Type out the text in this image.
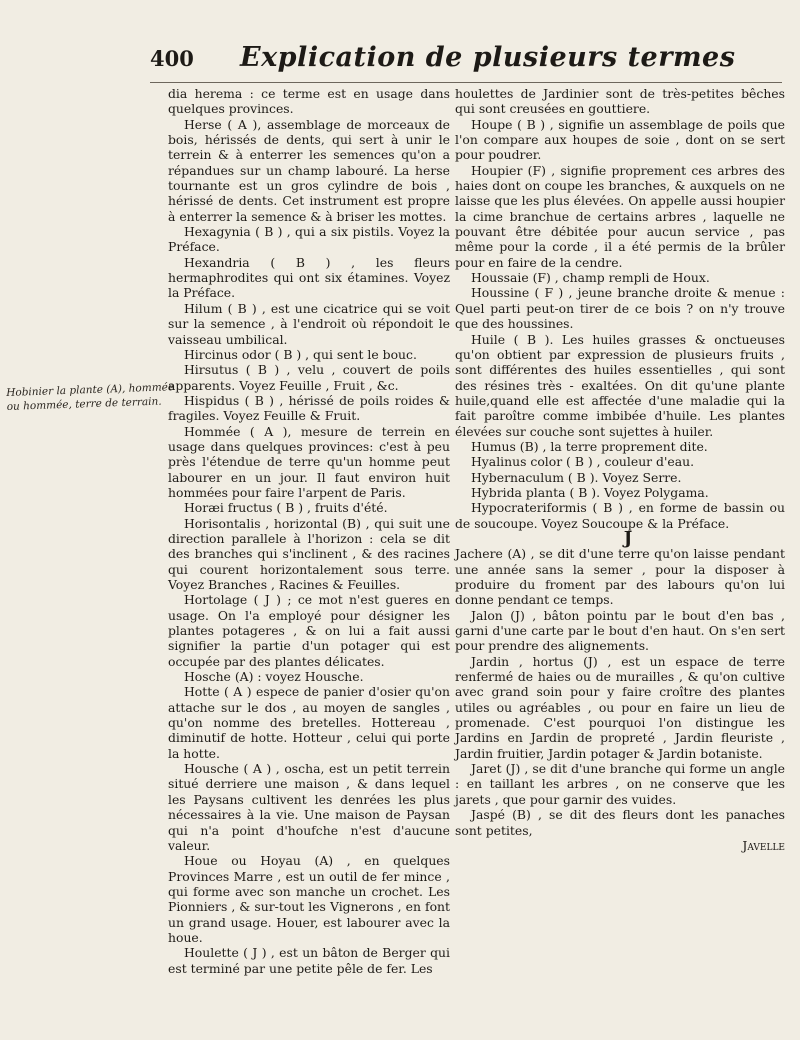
400 Explication de plusieurs termes
Hobinier la plante (A), hommée ou hommée, terre de terrain.

dia herema : ce terme est en usage dans quelques provinces.

Herse ( A ), assemblage de morceaux de bois, hérissés de dents, qui sert à unir le terrein & à enterrer les semences qu'on a répandues sur un champ labouré. La herse tournante est un gros cylindre de bois , hérissé de dents. Cet instrument est propre à enterrer la semence & à briser les mottes.

Hexagynia ( B ) , qui a six pistils. Voyez la Préface.

Hexandria ( B ) , les fleurs hermaphrodites qui ont six étamines. Voyez la Préface.

Hilum ( B ) , est une cicatrice qui se voit sur la semence , à l'endroit où répondoit le vaisseau umbilical.

Hircinus odor ( B ) , qui sent le bouc.

Hirsutus ( B ) , velu , couvert de poils apparents. Voyez Feuille , Fruit , &c.

Hispidus ( B ) , hérissé de poils roides & fragiles. Voyez Feuille & Fruit.

Hommée ( A ), mesure de terrein en usage dans quelques provinces: c'est à peu près l'étendue de terre qu'un homme peut labourer en un jour. Il faut environ huit hommées pour faire l'arpent de Paris.

Horæi fructus ( B ) , fruits d'été.

Horisontalis , horizontal (B) , qui suit une direction parallele à l'horizon : cela se dit des branches qui s'inclinent , & des racines qui courent horizontalement sous terre. Voyez Branches , Racines & Feuilles.

Hortolage ( J ) ; ce mot n'est gueres en usage. On l'a employé pour désigner les plantes potageres , & on lui a fait aussi signifier la partie d'un potager qui est occupée par des plantes délicates.

Hosche (A) : voyez Housche.

Hotte ( A ) espece de panier d'osier qu'on attache sur le dos , au moyen de sangles , qu'on nomme des bretelles. Hottereau , diminutif de hotte. Hotteur , celui qui porte la hotte.

Housche ( A ) , oscha, est un petit terrein situé derriere une maison , & dans lequel les Paysans cultivent les denrées les plus nécessaires à la vie. Une maison de Paysan qui n'a point d'houfche n'est d'aucune valeur.

Houe ou Hoyau (A) , en quelques Provinces Marre , est un outil de fer mince , qui forme avec son manche un crochet. Les Pionniers , & sur-tout les Vignerons , en font un grand usage. Houer, est labourer avec la houe.

Houlette ( J ) , est un bâton de Berger qui est terminé par une petite pêle de fer. Les

houlettes de Jardinier sont de très-petites bêches qui sont creusées en gouttiere.

Houpe ( B ) , signifie un assemblage de poils que l'on compare aux houpes de soie , dont on se sert pour poudrer.

Houpier (F) , signifie proprement ces arbres des haies dont on coupe les branches, & auxquels on ne laisse que les plus élevées. On appelle aussi houpier la cime branchue de certains arbres , laquelle ne pouvant être débitée pour aucun service , pas même pour la corde , il a été permis de la brûler pour en faire de la cendre.

Houssaie (F) , champ rempli de Houx.

Houssine ( F ) , jeune branche droite & menue : Quel parti peut-on tirer de ce bois ? on n'y trouve que des houssines.

Huile ( B ). Les huiles grasses & onctueuses qu'on obtient par expression de plusieurs fruits , sont différentes des huiles essentielles , qui sont des résines très - exaltées. On dit qu'une plante huile,quand elle est affectée d'une maladie qui la fait paroître comme imbibée d'huile. Les plantes élevées sur couche sont sujettes à huiler.

Humus (B) , la terre proprement dite.

Hyalinus color ( B ) , couleur d'eau.

Hybernaculum ( B ). Voyez Serre.

Hybrida planta ( B ). Voyez Polygama.

Hypocrateriformis ( B ) , en forme de bassin ou de soucoupe. Voyez Soucoupe & la Préface.

J

Jachere (A) , se dit d'une terre qu'on laisse pendant une année sans la semer , pour la disposer à produire du froment par des labours qu'on lui donne pendant ce temps.

Jalon (J) , bâton pointu par le bout d'en bas , garni d'une carte par le bout d'en haut. On s'en sert pour prendre des alignements.

Jardin , hortus (J) , est un espace de terre renfermé de haies ou de murailles , & qu'on cultive avec grand soin pour y faire croître des plantes utiles ou agréables , ou pour en faire un lieu de promenade. C'est pourquoi l'on distingue les Jardins en Jardin de propreté , Jardin fleuriste , Jardin fruitier, Jardin potager & Jardin botaniste.

Jaret (J) , se dit d'une branche qui forme un angle : en taillant les arbres , on ne conserve que les jarets , que pour garnir des vuides.

Jaspé (B) , se dit des fleurs dont les panaches sont petites,

Javelle
